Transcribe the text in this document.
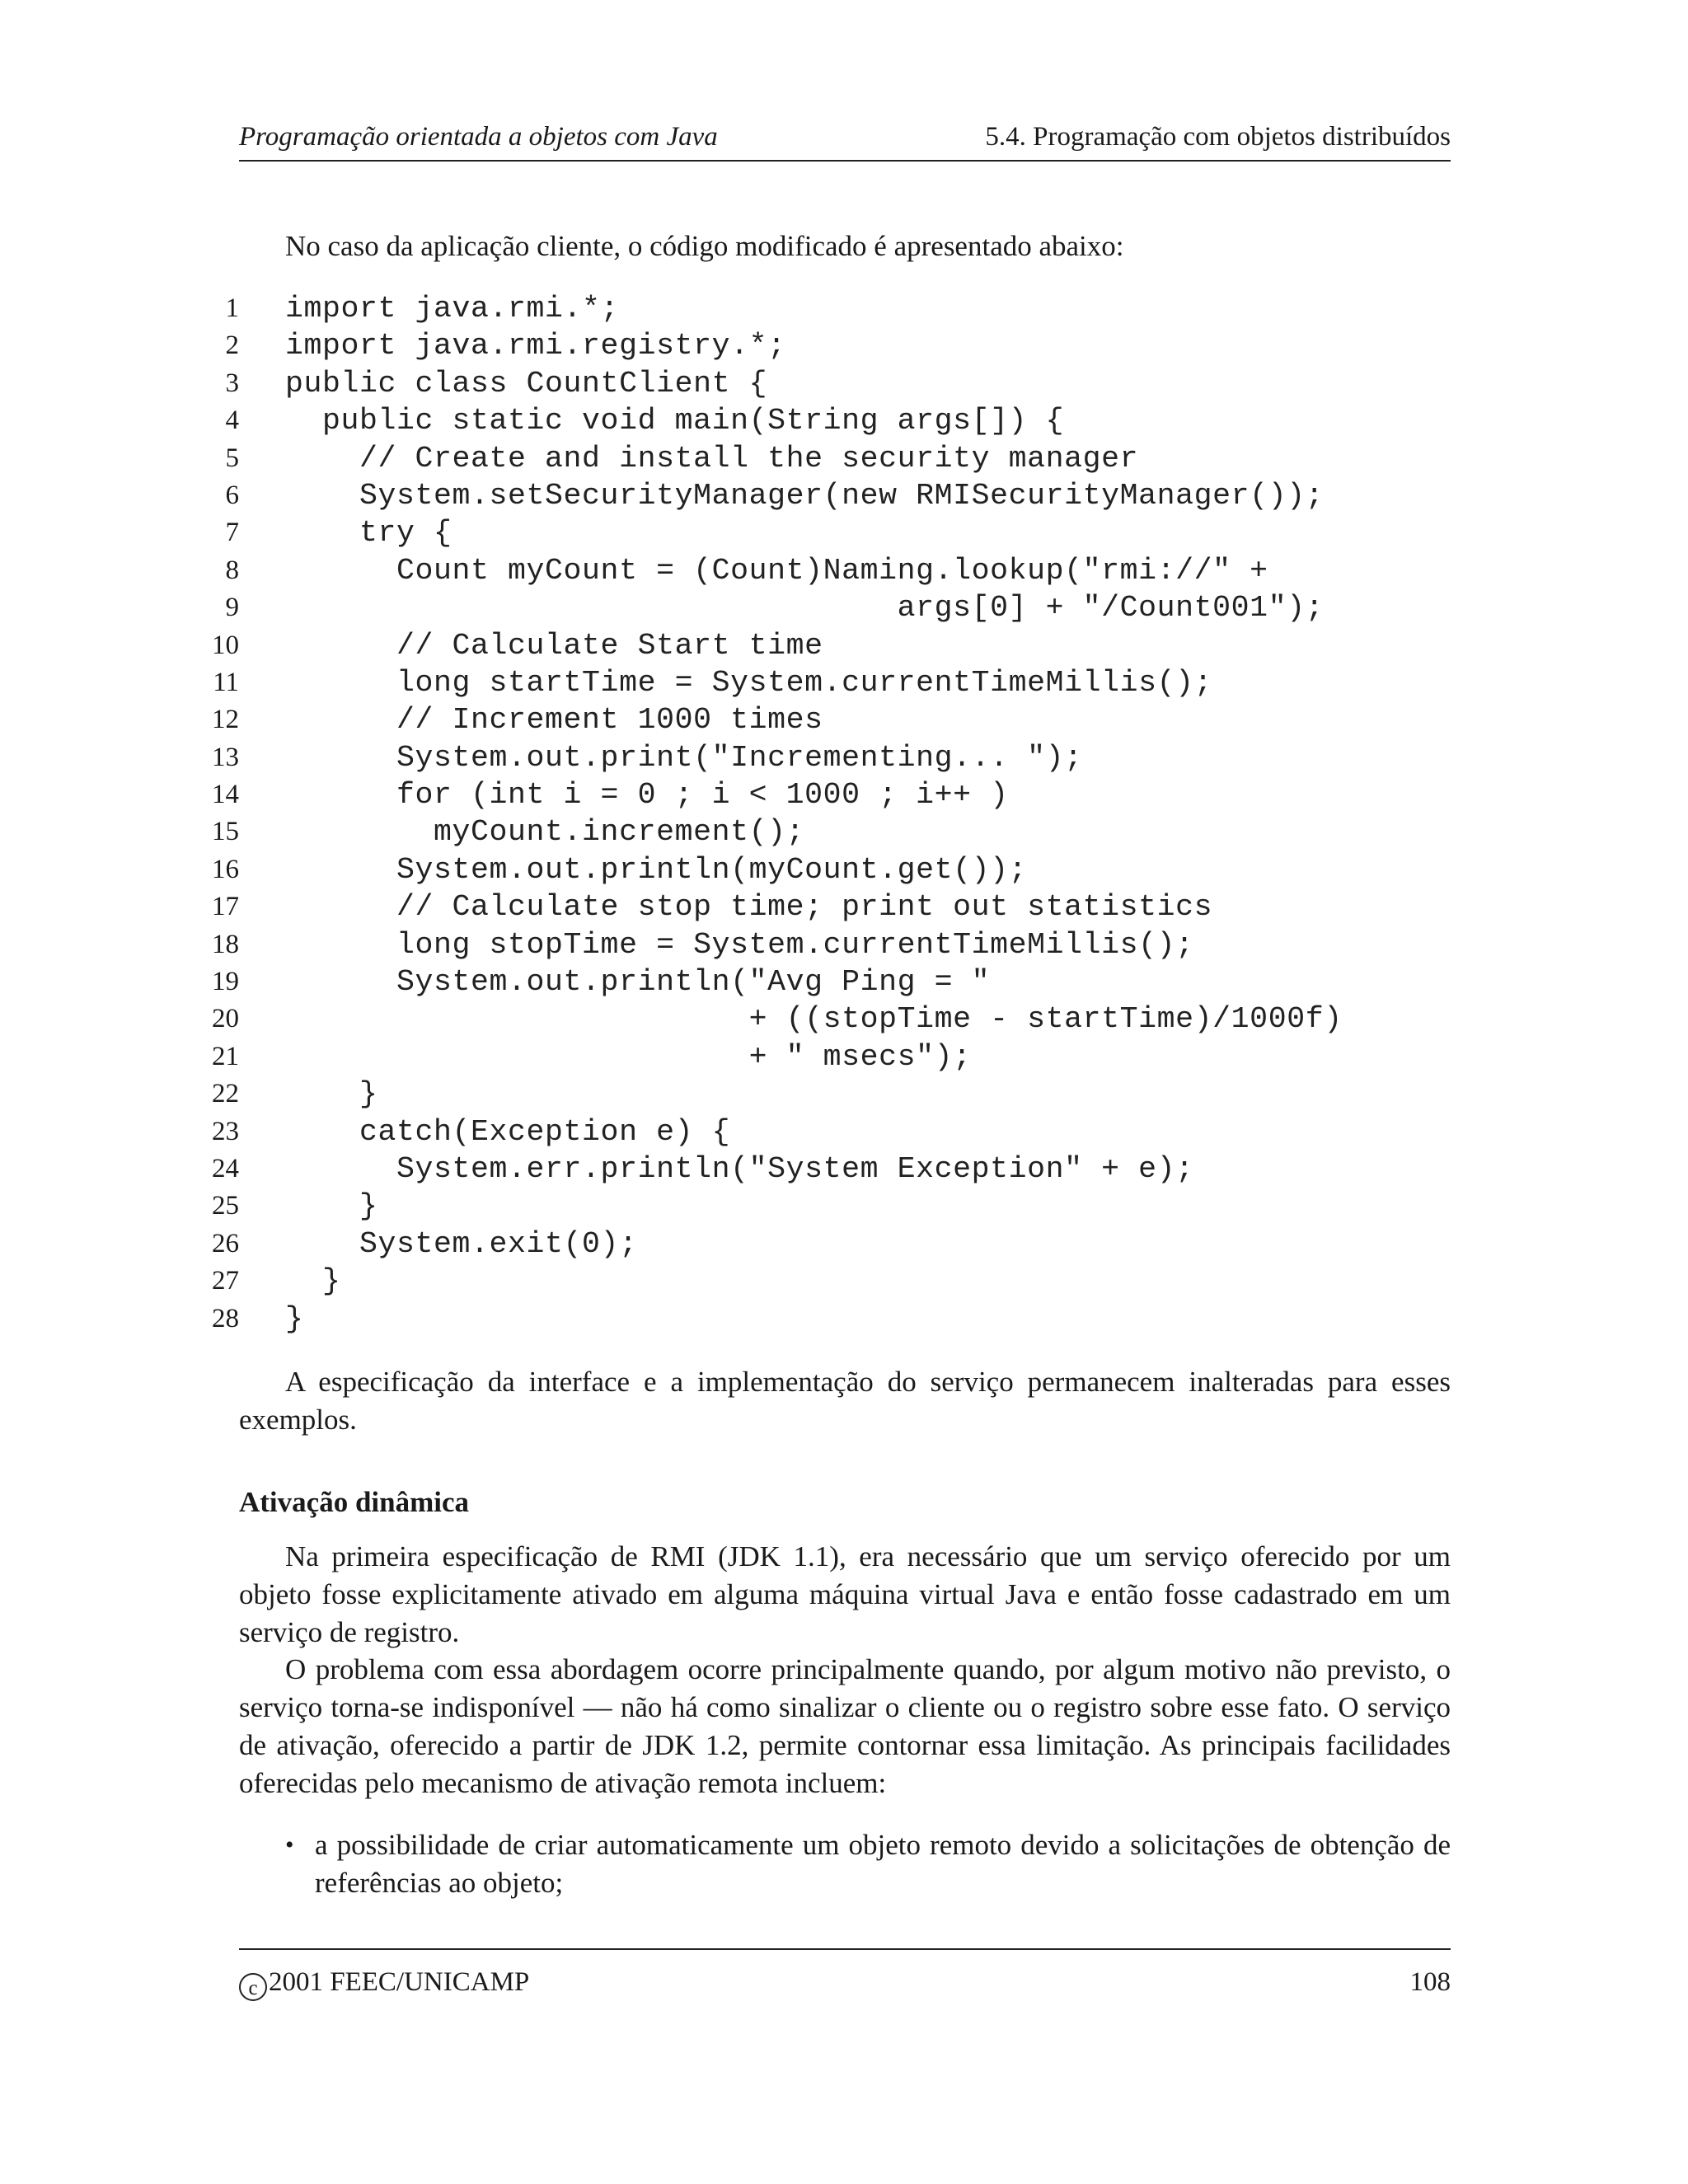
Programação orientada a objetos com Java	5.4. Programação com objetos distribuídos
No caso da aplicação cliente, o código modificado é apresentado abaixo:
1 import java.rmi.*;
2 import java.rmi.registry.*;
3 public class CountClient {
4 public static void main(String args[]) {
5 // Create and install the security manager
6 System.setSecurityManager(new RMISecurityManager());
7 try {
8 Count myCount = (Count)Naming.lookup("rmi://" +
9 args[0] + "/Count001");
10 // Calculate Start time
11 long startTime = System.currentTimeMillis();
12 // Increment 1000 times
13 System.out.print("Incrementing... ");
14 for (int i = 0 ; i < 1000 ; i++ )
15 myCount.increment();
16 System.out.println(myCount.get());
17 // Calculate stop time; print out statistics
18 long stopTime = System.currentTimeMillis();
19 System.out.println("Avg Ping = "
20 + ((stopTime - startTime)/1000f)
21 + " msecs");
22 }
23 catch(Exception e) {
24 System.err.println("System Exception" + e);
25 }
26 System.exit(0);
27 }
28 }
A especificação da interface e a implementação do serviço permanecem inalteradas para esses exemplos.
Ativação dinâmica
Na primeira especificação de RMI (JDK 1.1), era necessário que um serviço oferecido por um objeto fosse explicitamente ativado em alguma máquina virtual Java e então fosse cadastrado em um serviço de registro.
O problema com essa abordagem ocorre principalmente quando, por algum motivo não previsto, o serviço torna-se indisponível — não há como sinalizar o cliente ou o registro sobre esse fato. O serviço de ativação, oferecido a partir de JDK 1.2, permite contornar essa limitação. As principais facilidades oferecidas pelo mecanismo de ativação remota incluem:
• a possibilidade de criar automaticamente um objeto remoto devido a solicitações de obtenção de referências ao objeto;
c 2001 FEEC/UNICAMP	108
